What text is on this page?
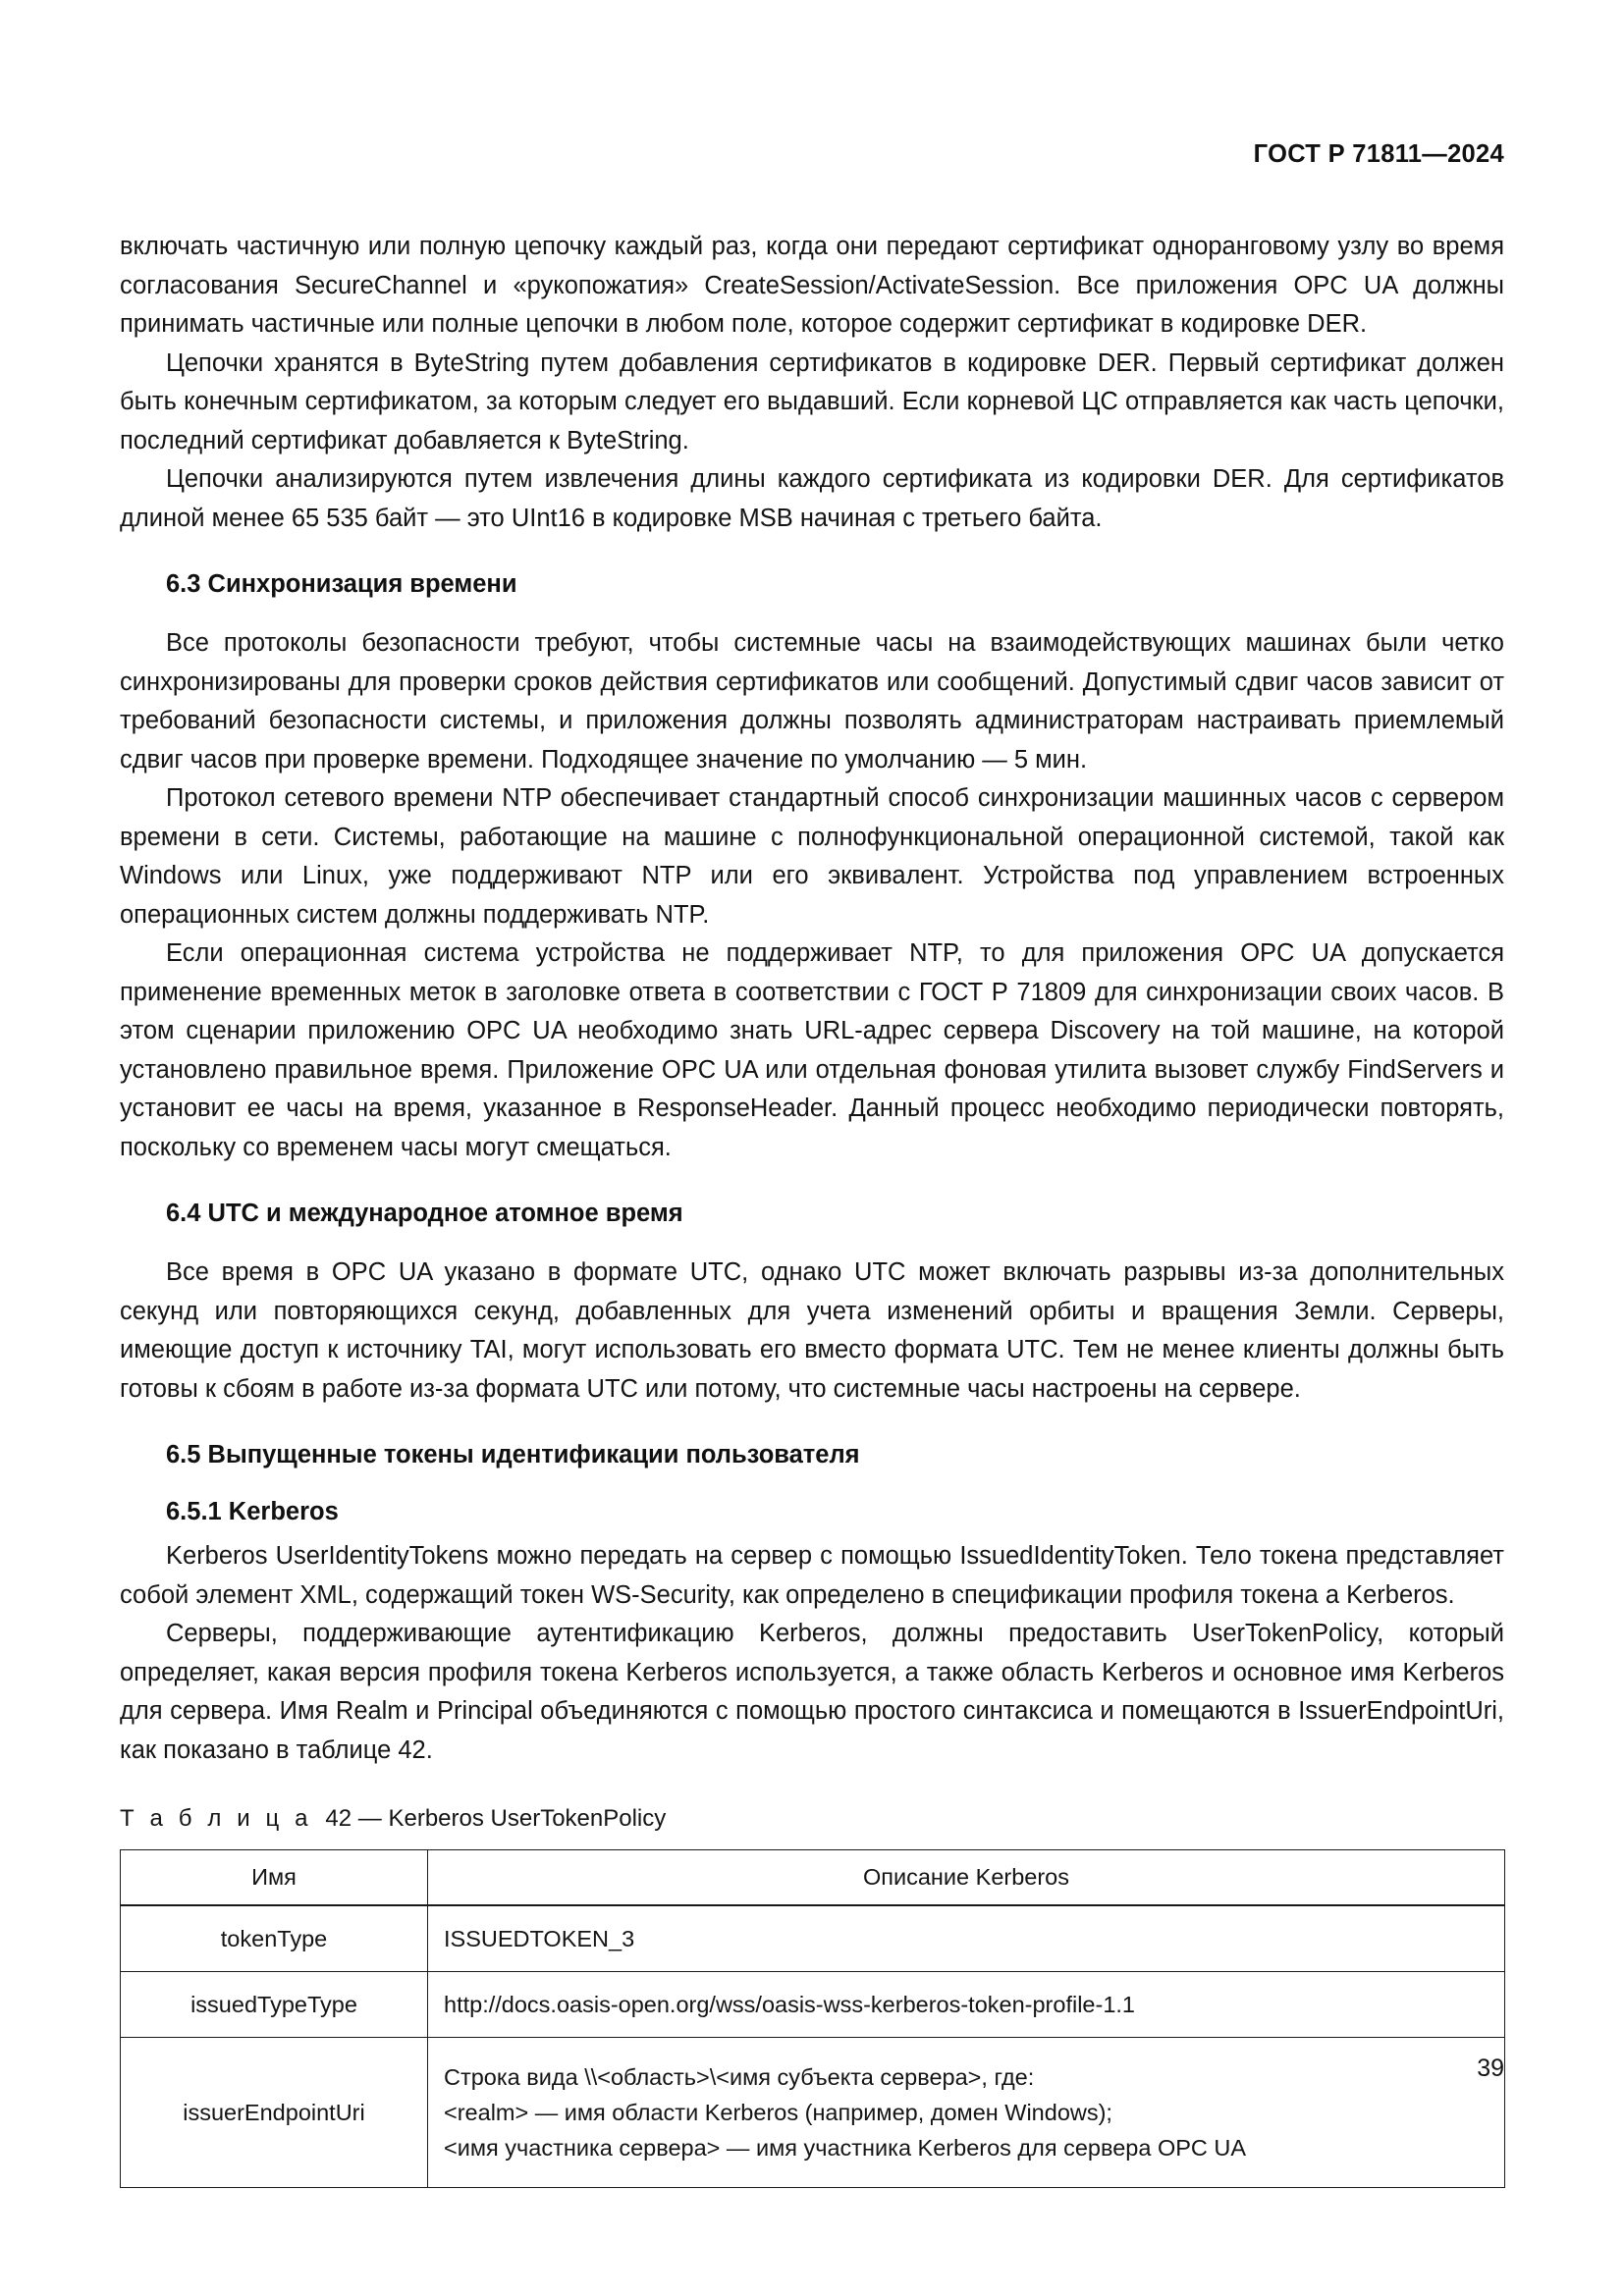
ГОСТ Р 71811—2024

включать частичную или полную цепочку каждый раз, когда они передают сертификат одноранговому узлу во время согласования SecureChannel и «рукопожатия» CreateSession/ActivateSession. Все приложения OPC UA должны принимать частичные или полные цепочки в любом поле, которое содержит сертификат в кодировке DER.

Цепочки хранятся в ByteString путем добавления сертификатов в кодировке DER. Первый сертификат должен быть конечным сертификатом, за которым следует его выдавший. Если корневой ЦС отправляется как часть цепочки, последний сертификат добавляется к ByteString.

Цепочки анализируются путем извлечения длины каждого сертификата из кодировки DER. Для сертификатов длиной менее 65 535 байт — это UInt16 в кодировке MSB начиная с третьего байта.

6.3 Синхронизация времени

Все протоколы безопасности требуют, чтобы системные часы на взаимодействующих машинах были четко синхронизированы для проверки сроков действия сертификатов или сообщений. Допустимый сдвиг часов зависит от требований безопасности системы, и приложения должны позволять администраторам настраивать приемлемый сдвиг часов при проверке времени. Подходящее значение по умолчанию — 5 мин.

Протокол сетевого времени NTP обеспечивает стандартный способ синхронизации машинных часов с сервером времени в сети. Системы, работающие на машине с полнофункциональной операционной системой, такой как Windows или Linux, уже поддерживают NTP или его эквивалент. Устройства под управлением встроенных операционных систем должны поддерживать NTP.

Если операционная система устройства не поддерживает NTP, то для приложения OPC UA допускается применение временных меток в заголовке ответа в соответствии с ГОСТ Р 71809 для синхронизации своих часов. В этом сценарии приложению OPC UA необходимо знать URL-адрес сервера Discovery на той машине, на которой установлено правильное время. Приложение OPC UA или отдельная фоновая утилита вызовет службу FindServers и установит ее часы на время, указанное в ResponseHeader. Данный процесс необходимо периодически повторять, поскольку со временем часы могут смещаться.

6.4 UTC и международное атомное время

Все время в OPC UA указано в формате UTC, однако UTC может включать разрывы из-за дополнительных секунд или повторяющихся секунд, добавленных для учета изменений орбиты и вращения Земли. Серверы, имеющие доступ к источнику TAI, могут использовать его вместо формата UTC. Тем не менее клиенты должны быть готовы к сбоям в работе из-за формата UTC или потому, что системные часы настроены на сервере.

6.5 Выпущенные токены идентификации пользователя
6.5.1 Kerberos

Kerberos UserIdentityTokens можно передать на сервер с помощью IssuedIdentityToken. Тело токена представляет собой элемент XML, содержащий токен WS-Security, как определено в спецификации профиля токена а Kerberos.

Серверы, поддерживающие аутентификацию Kerberos, должны предоставить UserTokenPolicy, который определяет, какая версия профиля токена Kerberos используется, а также область Kerberos и основное имя Kerberos для сервера. Имя Realm и Principal объединяются с помощью простого синтаксиса и помещаются в IssuerEndpointUri, как показано в таблице 42.

Т а б л и ц а 42 — Kerberos UserTokenPolicy

Имя	Описание Kerberos
tokenType	ISSUEDTOKEN_3

issuedTypeType	http://docs.oasis-open.org/wss/oasis-wss-kerberos-token-profile-1.1

issuerEndpointUri	Строка вида \\<область>\<имя субъекта сервера>, где:
<realm> — имя области Kerberos (например, домен Windows);
<имя участника сервера> — имя участника Kerberos для сервера OPC UA
39
